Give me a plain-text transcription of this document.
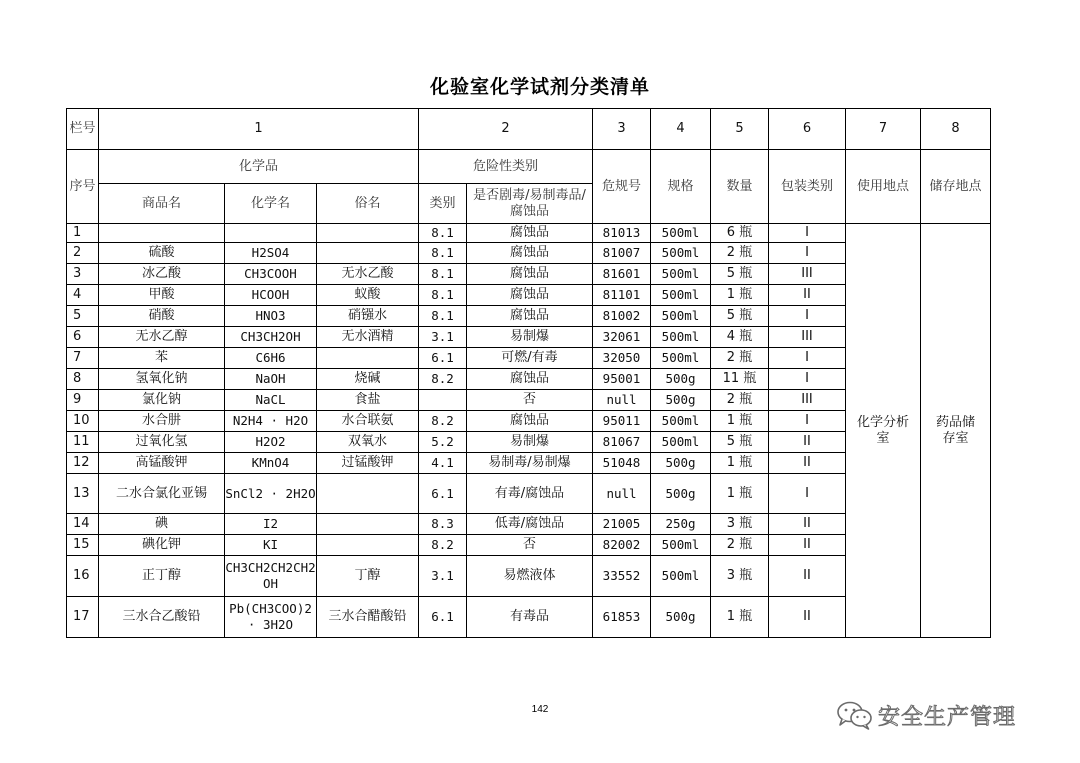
化验室化学试剂分类清单
栏号	1			2		3	4	5	6	7	8
序号	化学品			危险性类别		危规号	规格	数量	包装类别	使用地点	储存地点
	商品名	化学名	俗名	类别	是否剧毒/易制毒品/腐蚀品						
1				8.1	腐蚀品	81013	500ml	6 瓶	I	化学分析室	药品储存室
2	硫酸	H2SO4		8.1	腐蚀品	81007	500ml	2 瓶	I		
3	冰乙酸	CH3COOH	无水乙酸	8.1	腐蚀品	81601	500ml	5 瓶	III		
4	甲酸	HCOOH	蚁酸	8.1	腐蚀品	81101	500ml	1 瓶	II		
5	硝酸	HNO3	硝镪水	8.1	腐蚀品	81002	500ml	5 瓶	I		
6	无水乙醇	CH3CH2OH	无水酒精	3.1	易制爆	32061	500ml	4 瓶	III		
7	苯	C6H6		6.1	可燃/有毒	32050	500ml	2 瓶	I		
8	氢氧化钠	NaOH	烧碱	8.2	腐蚀品	95001	500g	11 瓶	I		
9	氯化钠	NaCL	食盐		否	null	500g	2 瓶	III		
10	水合肼	N2H4 · H2O	水合联氨	8.2	腐蚀品	95011	500ml	1 瓶	I		
11	过氧化氢	H2O2	双氧水	5.2	易制爆	81067	500ml	5 瓶	II		
12	高锰酸钾	KMnO4	过锰酸钾	4.1	易制毒/易制爆	51048	500g	1 瓶	II		
13	二水合氯化亚锡	SnCl2 · 2H2O		6.1	有毒/腐蚀品	null	500g	1 瓶	I		
14	碘	I2		8.3	低毒/腐蚀品	21005	250g	3 瓶	II		
15	碘化钾	KI		8.2	否	82002	500ml	2 瓶	II		
16	正丁醇	CH3CH2CH2CH2OH	丁醇	3.1	易燃液体	33552	500ml	3 瓶	II		
17	三水合乙酸铅	Pb(CH3COO)2 · 3H2O	三水合醋酸铅	6.1	有毒品	61853	500g	1 瓶	II		
142	安全生产管理
